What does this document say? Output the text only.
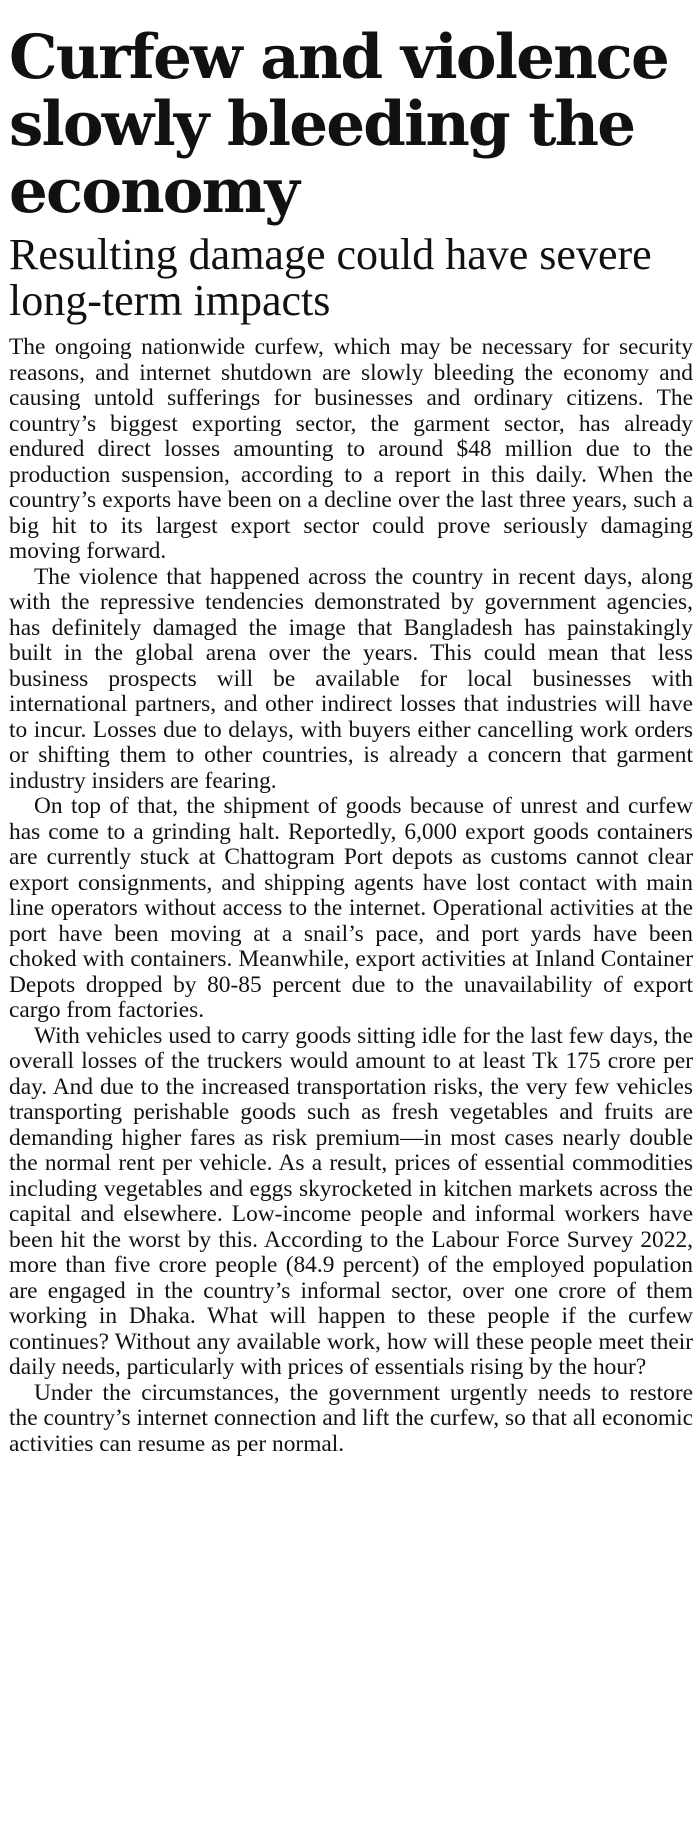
Curfew and violence slowly bleeding the economy
Resulting damage could have severe long-term impacts

The ongoing nationwide curfew, which may be necessary for security reasons, and internet shutdown are slowly bleeding the economy and causing untold sufferings for businesses and ordinary citizens. The country’s biggest exporting sector, the garment sector, has already endured direct losses amounting to around $48 million due to the production suspension, according to a report in this daily. When the country’s exports have been on a decline over the last three years, such a big hit to its largest export sector could prove seriously damaging moving forward.

The violence that happened across the country in recent days, along with the repressive tendencies demonstrated by government agencies, has definitely damaged the image that Bangladesh has painstakingly built in the global arena over the years. This could mean that less business prospects will be available for local businesses with international partners, and other indirect losses that industries will have to incur. Losses due to delays, with buyers either cancelling work orders or shifting them to other countries, is already a concern that garment industry insiders are fearing.

On top of that, the shipment of goods because of unrest and curfew has come to a grinding halt. Reportedly, 6,000 export goods containers are currently stuck at Chattogram Port depots as customs cannot clear export consignments, and shipping agents have lost contact with main line operators without access to the internet. Operational activities at the port have been moving at a snail’s pace, and port yards have been choked with containers. Meanwhile, export activities at Inland Container Depots dropped by 80-85 percent due to the unavailability of export cargo from factories.

With vehicles used to carry goods sitting idle for the last few days, the overall losses of the truckers would amount to at least Tk 175 crore per day. And due to the increased transportation risks, the very few vehicles transporting perishable goods such as fresh vegetables and fruits are demanding higher fares as risk premium—in most cases nearly double the normal rent per vehicle. As a result, prices of essential commodities including vegetables and eggs skyrocketed in kitchen markets across the capital and elsewhere. Low-income people and informal workers have been hit the worst by this. According to the Labour Force Survey 2022, more than five crore people (84.9 percent) of the employed population are engaged in the country’s informal sector, over one crore of them working in Dhaka. What will happen to these people if the curfew continues? Without any available work, how will these people meet their daily needs, particularly with prices of essentials rising by the hour?

Under the circumstances, the government urgently needs to restore the country’s internet connection and lift the curfew, so that all economic activities can resume as per normal.
